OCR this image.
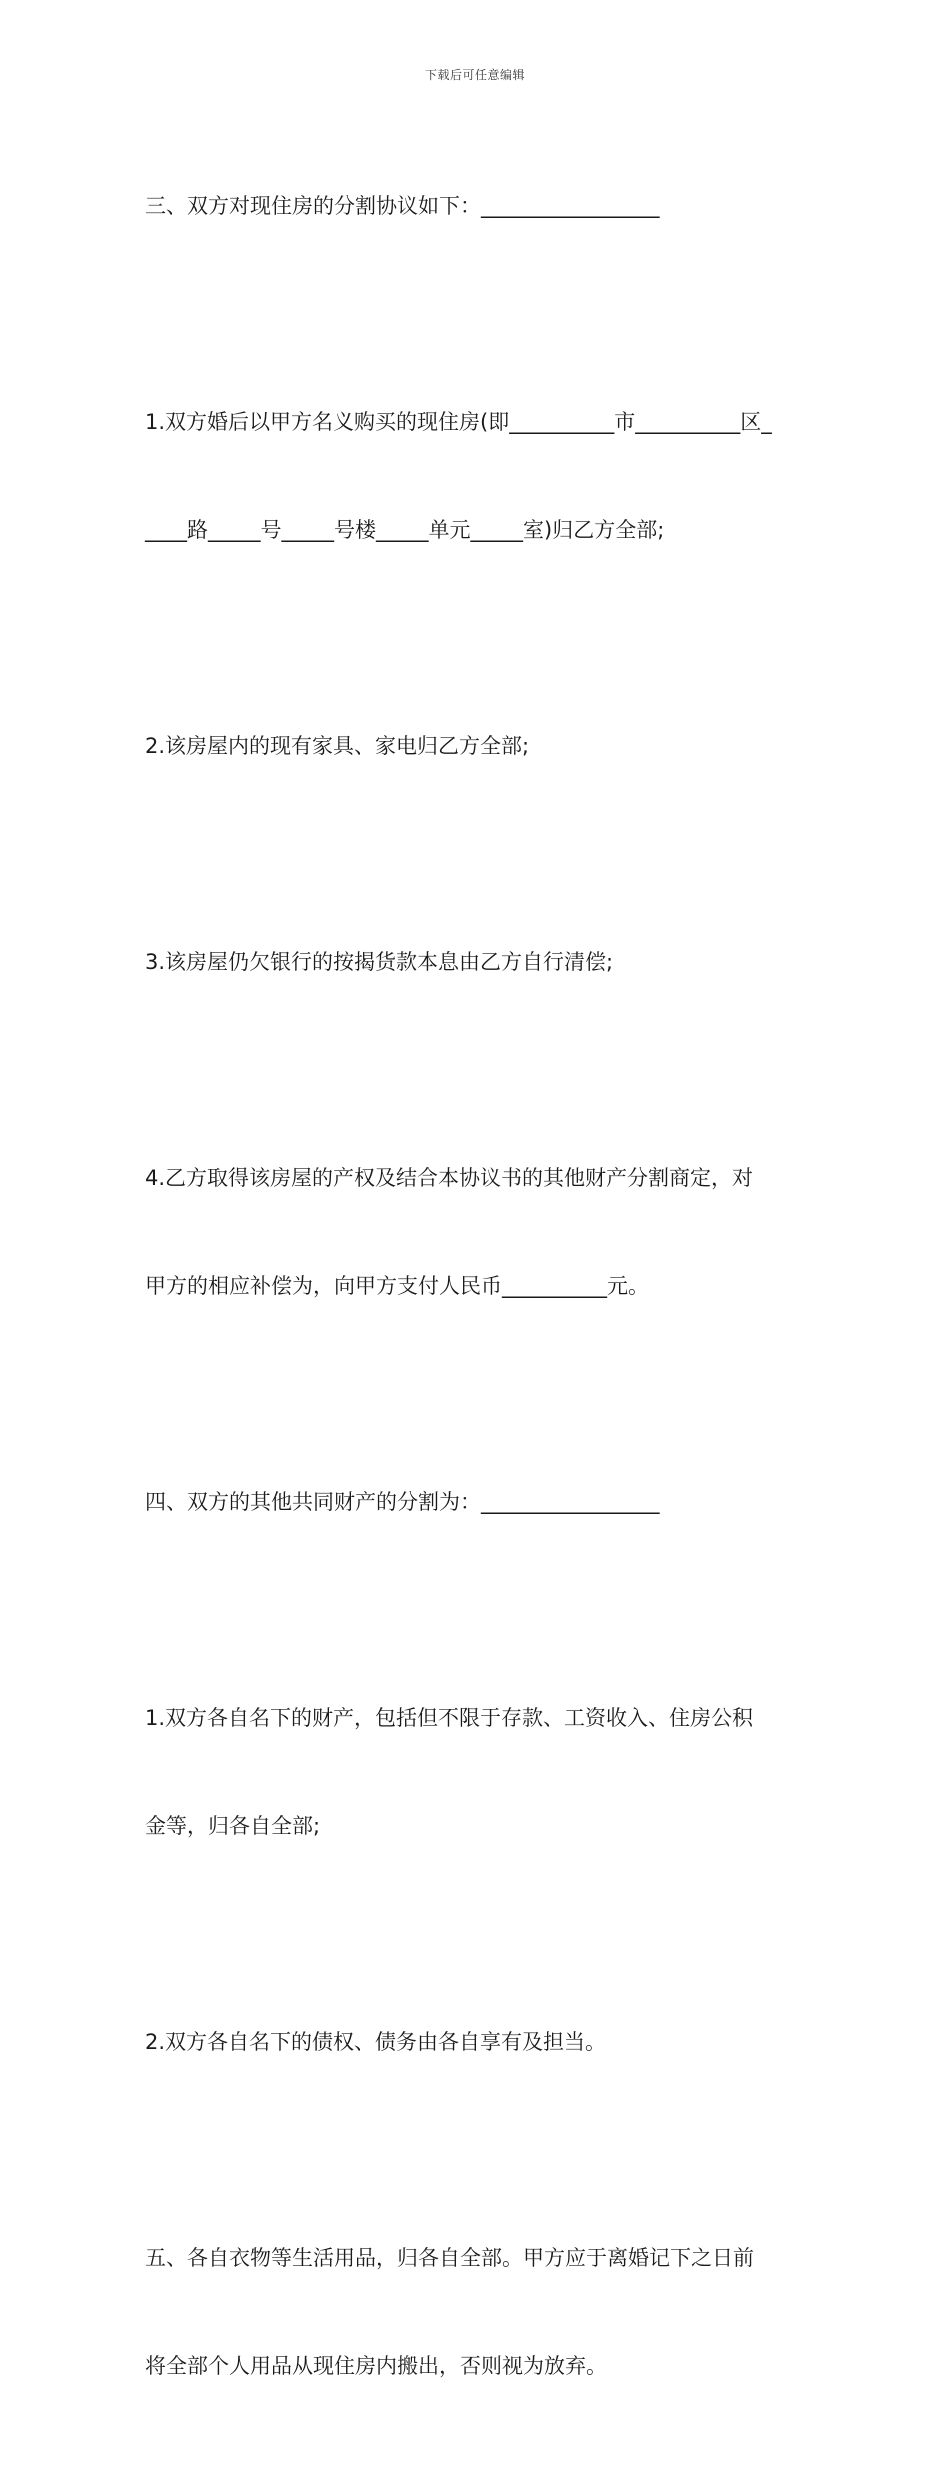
下载后可任意编辑

三、双方对现住房的分割协议如下：_________________

1.双方婚后以甲方名义购买的现住房(即__________市__________区_

____路_____号_____号楼_____单元_____室)归乙方全部;

2.该房屋内的现有家具、家电归乙方全部;

3.该房屋仍欠银行的按揭货款本息由乙方自行清偿;

4.乙方取得该房屋的产权及结合本协议书的其他财产分割商定，对

甲方的相应补偿为，向甲方支付人民币__________元。

四、双方的其他共同财产的分割为：_________________

1.双方各自名下的财产，包括但不限于存款、工资收入、住房公积

金等，归各自全部;

2.双方各自名下的债权、债务由各自享有及担当。

五、各自衣物等生活用品，归各自全部。甲方应于离婚记下之日前

将全部个人用品从现住房内搬出，否则视为放弃。
